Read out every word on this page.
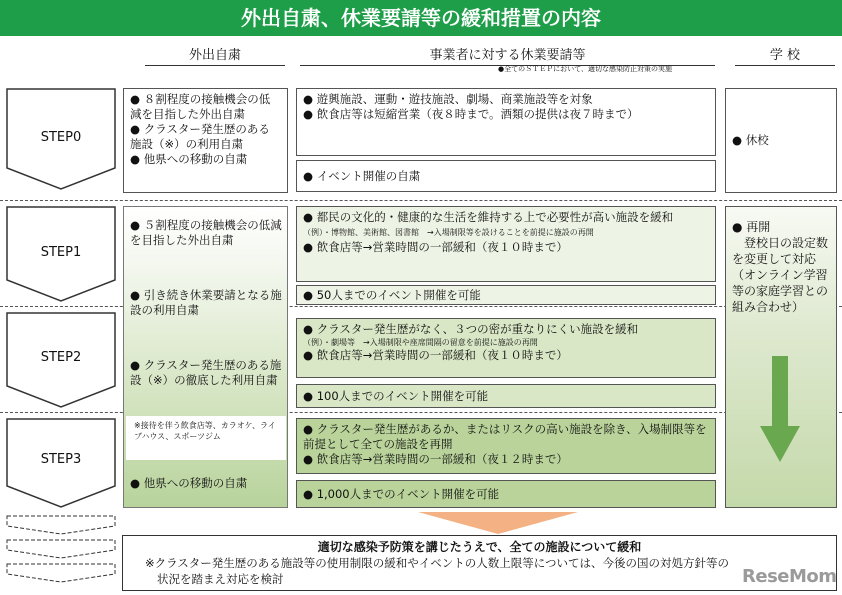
外出自粛、休業要請等の緩和措置の内容
外出自粛	事業者に対する休業要請等
●全てのＳＴＥＰにおいて、適切な感染防止対策の実施
学 校
STEP0
STEP1
STEP2
STEP3
● ８割程度の接触機会の低減を目指した外出自粛
● クラスター発生歴のある施設（※）の利用自粛
● 他県への移動の自粛
● ５割程度の接触機会の低減を目指した外出自粛
● 引き続き休業要請となる施設の利用自粛
● クラスター発生歴のある施設（※）の徹底した利用自粛
※接待を伴う飲食店等、カラオケ、ライブハウス、スポーツジム
● 他県への移動の自粛
● 遊興施設、運動・遊技施設、劇場、商業施設等を対象
● 飲食店等は短縮営業（夜８時まで。酒類の提供は夜７時まで）
● イベント開催の自粛
● 都民の文化的・健康的な生活を維持する上で必要性が高い施設を緩和
（例）・博物館、美術館、図書館　→入場制限等を設けることを前提に施設の再開
● 飲食店等→営業時間の一部緩和（夜１０時まで）
● 50人までのイベント開催を可能
● クラスター発生歴がなく、３つの密が重なりにくい施設を緩和
（例）・劇場等　→入場制限や座席間隔の留意を前提に施設の再開
● 飲食店等→営業時間の一部緩和（夜１０時まで）
● 100人までのイベント開催を可能
● クラスター発生歴があるか、またはリスクの高い施設を除き、入場制限等を前提として全ての施設を再開
● 飲食店等→営業時間の一部緩和（夜１２時まで）
● 1,000人までのイベント開催を可能
● 休校
● 再開
　登校日の設定数を変更して対応（オンライン学習等の家庭学習との組み合わせ）
適切な感染予防策を講じたうえで、全ての施設について緩和
※クラスター発生歴のある施設等の使用制限の緩和やイベントの人数上限等については、今後の国の対処方針等の
状況を踏まえ対応を検討	ReseMom
